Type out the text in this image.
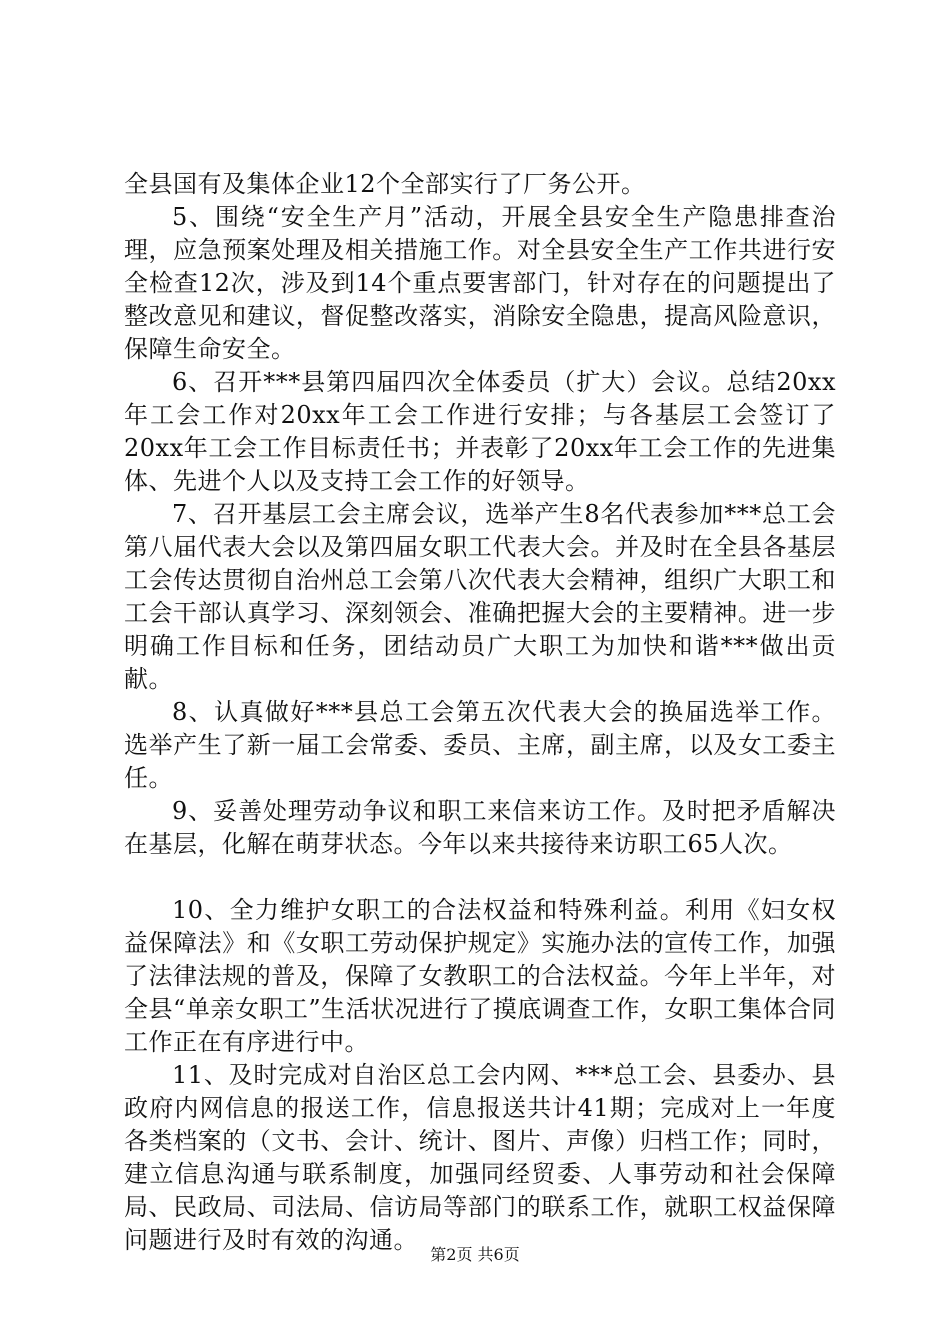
全县国有及集体企业12个全部实行了厂务公开。

5、围绕“安全生产月”活动，开展全县安全生产隐患排查治理，应急预案处理及相关措施工作。对全县安全生产工作共进行安全检查12次，涉及到14个重点要害部门，针对存在的问题提出了整改意见和建议，督促整改落实，消除安全隐患，提高风险意识，保障生命安全。

6、召开***县第四届四次全体委员（扩大）会议。总结20xx年工会工作对20xx年工会工作进行安排；与各基层工会签订了20xx年工会工作目标责任书；并表彰了20xx年工会工作的先进集体、先进个人以及支持工会工作的好领导。

7、召开基层工会主席会议，选举产生8名代表参加***总工会第八届代表大会以及第四届女职工代表大会。并及时在全县各基层工会传达贯彻自治州总工会第八次代表大会精神，组织广大职工和工会干部认真学习、深刻领会、准确把握大会的主要精神。进一步明确工作目标和任务，团结动员广大职工为加快和谐***做出贡献。

8、认真做好***县总工会第五次代表大会的换届选举工作。选举产生了新一届工会常委、委员、主席，副主席，以及女工委主任。

9、妥善处理劳动争议和职工来信来访工作。及时把矛盾解决在基层，化解在萌芽状态。今年以来共接待来访职工65人次。

10、全力维护女职工的合法权益和特殊利益。利用《妇女权益保障法》和《女职工劳动保护规定》实施办法的宣传工作，加强了法律法规的普及，保障了女教职工的合法权益。今年上半年，对全县“单亲女职工”生活状况进行了摸底调查工作，女职工集体合同工作正在有序进行中。

11、及时完成对自治区总工会内网、***总工会、县委办、县政府内网信息的报送工作，信息报送共计41期；完成对上一年度各类档案的（文书、会计、统计、图片、声像）归档工作；同时，建立信息沟通与联系制度，加强同经贸委、人事劳动和社会保障局、民政局、司法局、信访局等部门的联系工作，就职工权益保障问题进行及时有效的沟通。

第2页 共6页
